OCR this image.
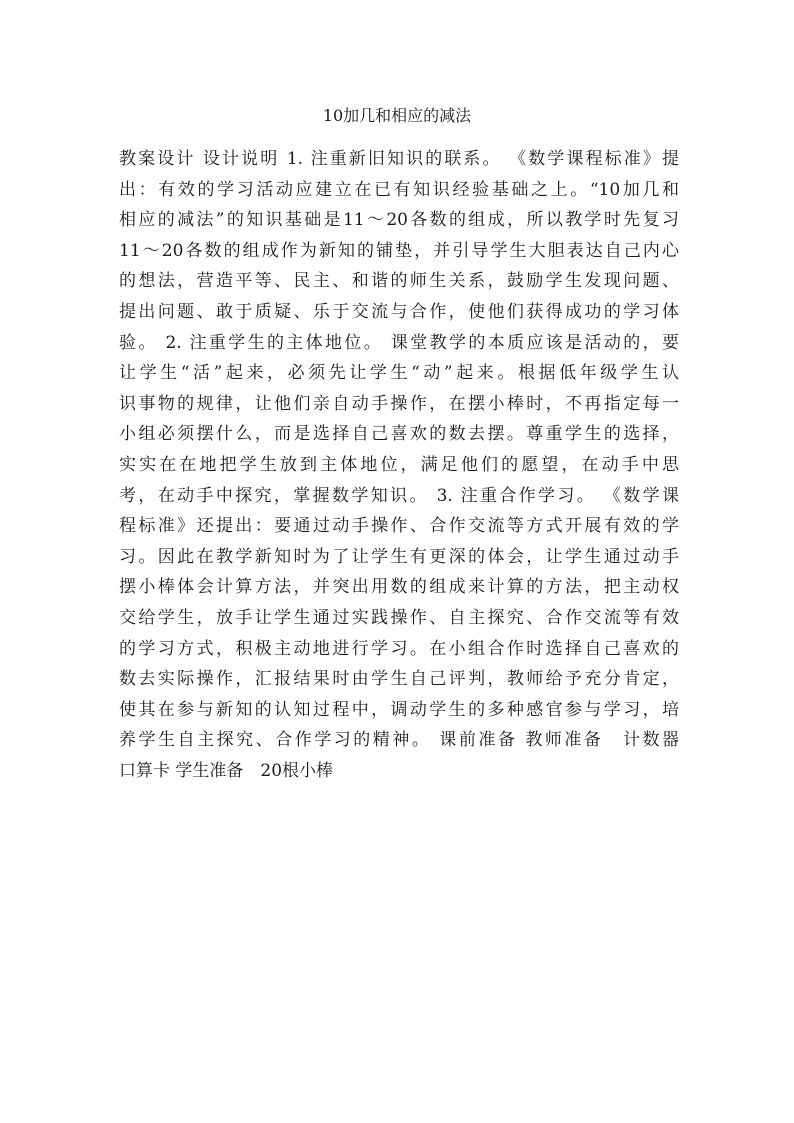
10加几和相应的减法
教案设计 设计说明 1. 注重新旧知识的联系。 《数学课程标准》提
出：有效的学习活动应建立在已有知识经验基础之上。“10加几和
相应的减法”的知识基础是11～20各数的组成，所以教学时先复习
11～20各数的组成作为新知的铺垫，并引导学生大胆表达自己内心
的想法，营造平等、民主、和谐的师生关系，鼓励学生发现问题、
提出问题、敢于质疑、乐于交流与合作，使他们获得成功的学习体
验。 2. 注重学生的主体地位。 课堂教学的本质应该是活动的，要
让学生“活”起来，必须先让学生“动”起来。根据低年级学生认
识事物的规律，让他们亲自动手操作，在摆小棒时，不再指定每一
小组必须摆什么，而是选择自己喜欢的数去摆。尊重学生的选择，
实实在在地把学生放到主体地位，满足他们的愿望，在动手中思
考，在动手中探究，掌握数学知识。 3. 注重合作学习。 《数学课
程标准》还提出：要通过动手操作、合作交流等方式开展有效的学
习。因此在教学新知时为了让学生有更深的体会，让学生通过动手
摆小棒体会计算方法，并突出用数的组成来计算的方法，把主动权
交给学生，放手让学生通过实践操作、自主探究、合作交流等有效
的学习方式，积极主动地进行学习。在小组合作时选择自己喜欢的
数去实际操作，汇报结果时由学生自己评判，教师给予充分肯定，
使其在参与新知的认知过程中，调动学生的多种感官参与学习，培
养学生自主探究、合作学习的精神。 课前准备 教师准备　计数器
口算卡 学生准备　20根小棒
